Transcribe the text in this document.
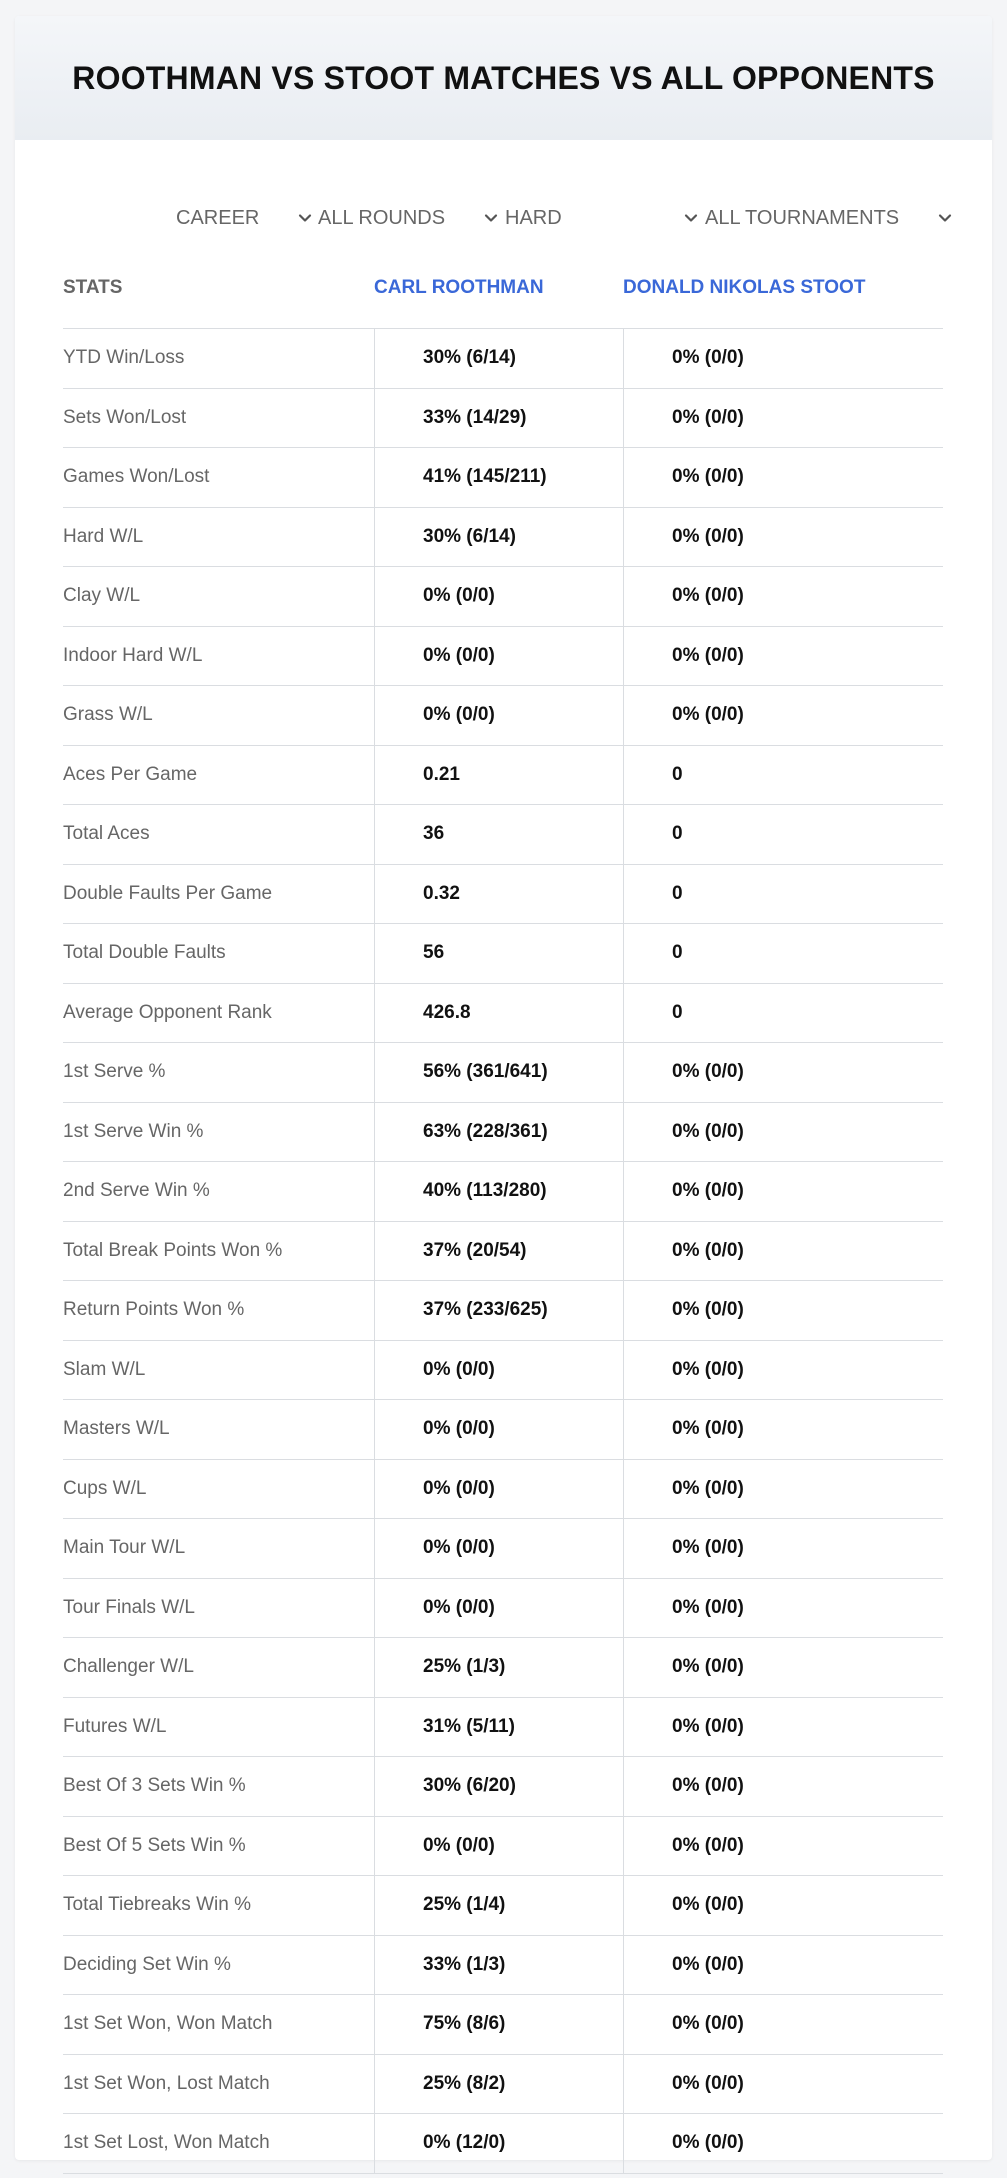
ROOTHMAN VS STOOT MATCHES VS ALL OPPONENTS
CAREER	ALL ROUNDS	HARD	ALL TOURNAMENTS
STATS	CARL ROOTHMAN	DONALD NIKOLAS STOOT
YTD Win/Loss	30% (6/14)	0% (0/0)
Sets Won/Lost	33% (14/29)	0% (0/0)
Games Won/Lost	41% (145/211)	0% (0/0)
Hard W/L	30% (6/14)	0% (0/0)
Clay W/L	0% (0/0)	0% (0/0)
Indoor Hard W/L	0% (0/0)	0% (0/0)
Grass W/L	0% (0/0)	0% (0/0)
Aces Per Game	0.21	0
Total Aces	36	0
Double Faults Per Game	0.32	0
Total Double Faults	56	0
Average Opponent Rank	426.8	0
1st Serve %	56% (361/641)	0% (0/0)
1st Serve Win %	63% (228/361)	0% (0/0)
2nd Serve Win %	40% (113/280)	0% (0/0)
Total Break Points Won %	37% (20/54)	0% (0/0)
Return Points Won %	37% (233/625)	0% (0/0)
Slam W/L	0% (0/0)	0% (0/0)
Masters W/L	0% (0/0)	0% (0/0)
Cups W/L	0% (0/0)	0% (0/0)
Main Tour W/L	0% (0/0)	0% (0/0)
Tour Finals W/L	0% (0/0)	0% (0/0)
Challenger W/L	25% (1/3)	0% (0/0)
Futures W/L	31% (5/11)	0% (0/0)
Best Of 3 Sets Win %	30% (6/20)	0% (0/0)
Best Of 5 Sets Win %	0% (0/0)	0% (0/0)
Total Tiebreaks Win %	25% (1/4)	0% (0/0)
Deciding Set Win %	33% (1/3)	0% (0/0)
1st Set Won, Won Match	75% (8/6)	0% (0/0)
1st Set Won, Lost Match	25% (8/2)	0% (0/0)
1st Set Lost, Won Match	0% (12/0)	0% (0/0)
